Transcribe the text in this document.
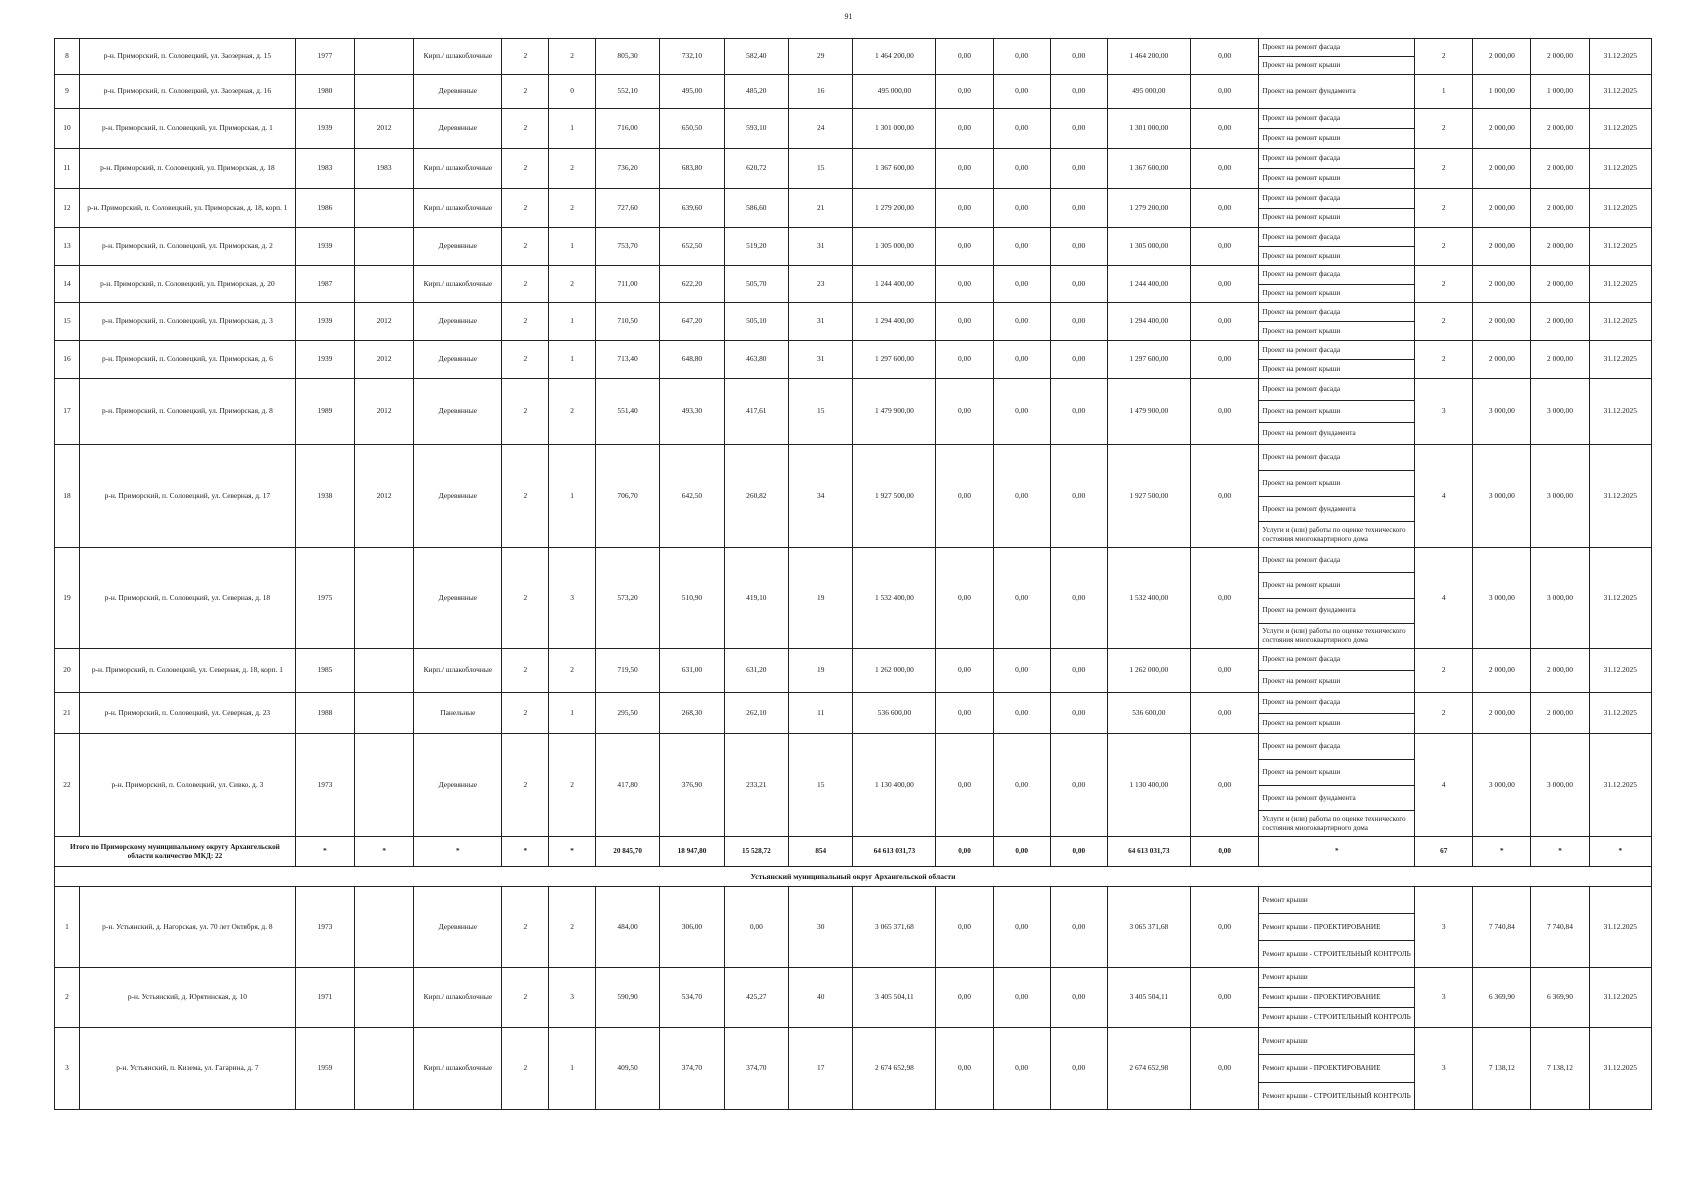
91
8	р-н. Приморский, п. Соловецкий, ул. Заозерная, д. 15	1977		Кирп./ шлакоблочные	2	2	805,30	732,10	582,40	29	1 464 200,00	0,00	0,00	0,00	1 464 200,00	0,00	Проект на ремонт фасада
Проект на ремонт крыши	2	2 000,00	2 000,00	31.12.2025
9	р-н. Приморский, п. Соловецкий, ул. Заозерная, д. 16	1980		Деревянные	2	0	552,10	495,00	485,20	16	495 000,00	0,00	0,00	0,00	495 000,00	0,00	Проект на ремонт фундамента	1	1 000,00	1 000,00	31.12.2025
10	р-н. Приморский, п. Соловецкий, ул. Приморская, д. 1	1939	2012	Деревянные	2	1	716,00	650,50	593,10	24	1 301 000,00	0,00	0,00	0,00	1 301 000,00	0,00	Проект на ремонт фасада
Проект на ремонт крыши	2	2 000,00	2 000,00	31.12.2025
11	р-н. Приморский, п. Соловецкий, ул. Приморская, д. 18	1983	1983	Кирп./ шлакоблочные	2	2	736,20	683,80	620,72	15	1 367 600,00	0,00	0,00	0,00	1 367 600,00	0,00	Проект на ремонт фасада
Проект на ремонт крыши	2	2 000,00	2 000,00	31.12.2025
12	р-н. Приморский, п. Соловецкий, ул. Приморская, д. 18, корп. 1	1986		Кирп./ шлакоблочные	2	2	727,60	639,60	586,60	21	1 279 200,00	0,00	0,00	0,00	1 279 200,00	0,00	Проект на ремонт фасада
Проект на ремонт крыши	2	2 000,00	2 000,00	31.12.2025
13	р-н. Приморский, п. Соловецкий, ул. Приморская, д. 2	1939		Деревянные	2	1	753,70	652,50	519,20	31	1 305 000,00	0,00	0,00	0,00	1 305 000,00	0,00	Проект на ремонт фасада
Проект на ремонт крыши	2	2 000,00	2 000,00	31.12.2025
14	р-н. Приморский, п. Соловецкий, ул. Приморская, д. 20	1987		Кирп./ шлакоблочные	2	2	711,00	622,20	505,70	23	1 244 400,00	0,00	0,00	0,00	1 244 400,00	0,00	Проект на ремонт фасада
Проект на ремонт крыши	2	2 000,00	2 000,00	31.12.2025
15	р-н. Приморский, п. Соловецкий, ул. Приморская, д. 3	1939	2012	Деревянные	2	1	710,50	647,20	505,10	31	1 294 400,00	0,00	0,00	0,00	1 294 400,00	0,00	Проект на ремонт фасада
Проект на ремонт крыши	2	2 000,00	2 000,00	31.12.2025
16	р-н. Приморский, п. Соловецкий, ул. Приморская, д. 6	1939	2012	Деревянные	2	1	713,40	648,80	463,80	31	1 297 600,00	0,00	0,00	0,00	1 297 600,00	0,00	Проект на ремонт фасада
Проект на ремонт крыши	2	2 000,00	2 000,00	31.12.2025
17	р-н. Приморский, п. Соловецкий, ул. Приморская, д. 8	1989	2012	Деревянные	2	2	551,40	493,30	417,61	15	1 479 900,00	0,00	0,00	0,00	1 479 900,00	0,00	Проект на ремонт фасада
Проект на ремонт крыши
Проект на ремонт фундамента	3	3 000,00	3 000,00	31.12.2025
18	р-н. Приморский, п. Соловецкий, ул. Северная, д. 17	1938	2012	Деревянные	2	1	706,70	642,50	260,82	34	1 927 500,00	0,00	0,00	0,00	1 927 500,00	0,00	Проект на ремонт фасада
Проект на ремонт крыши
Проект на ремонт фундамента
Услуги и (или) работы по оценке технического состояния многоквартирного дома	4	3 000,00	3 000,00	31.12.2025
19	р-н. Приморский, п. Соловецкий, ул. Северная, д. 18	1975		Деревянные	2	3	573,20	510,90	419,10	19	1 532 400,00	0,00	0,00	0,00	1 532 400,00	0,00	Проект на ремонт фасада
Проект на ремонт крыши
Проект на ремонт фундамента
Услуги и (или) работы по оценке технического состояния многоквартирного дома	4	3 000,00	3 000,00	31.12.2025
20	р-н. Приморский, п. Соловецкий, ул. Северная, д. 18, корп. 1	1985		Кирп./ шлакоблочные	2	2	719,50	631,00	631,20	19	1 262 000,00	0,00	0,00	0,00	1 262 000,00	0,00	Проект на ремонт фасада
Проект на ремонт крыши	2	2 000,00	2 000,00	31.12.2025
21	р-н. Приморский, п. Соловецкий, ул. Северная, д. 23	1988		Панельные	2	1	295,50	268,30	262,10	11	536 600,00	0,00	0,00	0,00	536 600,00	0,00	Проект на ремонт фасада
Проект на ремонт крыши	2	2 000,00	2 000,00	31.12.2025
22	р-н. Приморский, п. Соловецкий, ул. Сивко, д. 3	1973		Деревянные	2	2	417,80	376,90	233,21	15	1 130 400,00	0,00	0,00	0,00	1 130 400,00	0,00	Проект на ремонт фасада
Проект на ремонт крыши
Проект на ремонт фундамента
Услуги и (или) работы по оценке технического состояния многоквартирного дома	4	3 000,00	3 000,00	31.12.2025
Итого по Приморскому муниципальному округу Архангельской области количество МКД: 22		*	*	*	*	*	20 845,70	18 947,80	15 528,72	854	64 613 031,73	0,00	0,00	0,00	64 613 031,73	0,00	*	67	*	*	*
Устьянский муниципальный округ Архангельской области																					
1	р-н. Устьянский, д. Нагорская, ул. 70 лет Октября, д. 8	1973		Деревянные	2	2	484,00	306,00	0,00	30	3 065 371,68	0,00	0,00	0,00	3 065 371,68	0,00	Ремонт крыши
Ремонт крыши - ПРОЕКТИРОВАНИЕ
Ремонт крыши - СТРОИТЕЛЬНЫЙ КОНТРОЛЬ	3	7 740,84	7 740,84	31.12.2025
2	р-н. Устьянский, д. Юрятинская, д. 10	1971		Кирп./ шлакоблочные	2	3	590,90	534,70	425,27	40	3 405 504,11	0,00	0,00	0,00	3 405 504,11	0,00	Ремонт крыши
Ремонт крыши - ПРОЕКТИРОВАНИЕ
Ремонт крыши - СТРОИТЕЛЬНЫЙ КОНТРОЛЬ	3	6 369,90	6 369,90	31.12.2025
3	р-н. Устьянский, п. Кизема, ул. Гагарина, д. 7	1959		Кирп./ шлакоблочные	2	1	409,50	374,70	374,70	17	2 674 652,98	0,00	0,00	0,00	2 674 652,98	0,00	Ремонт крыши
Ремонт крыши - ПРОЕКТИРОВАНИЕ
Ремонт крыши - СТРОИТЕЛЬНЫЙ КОНТРОЛЬ	3	7 138,12	7 138,12	31.12.2025
